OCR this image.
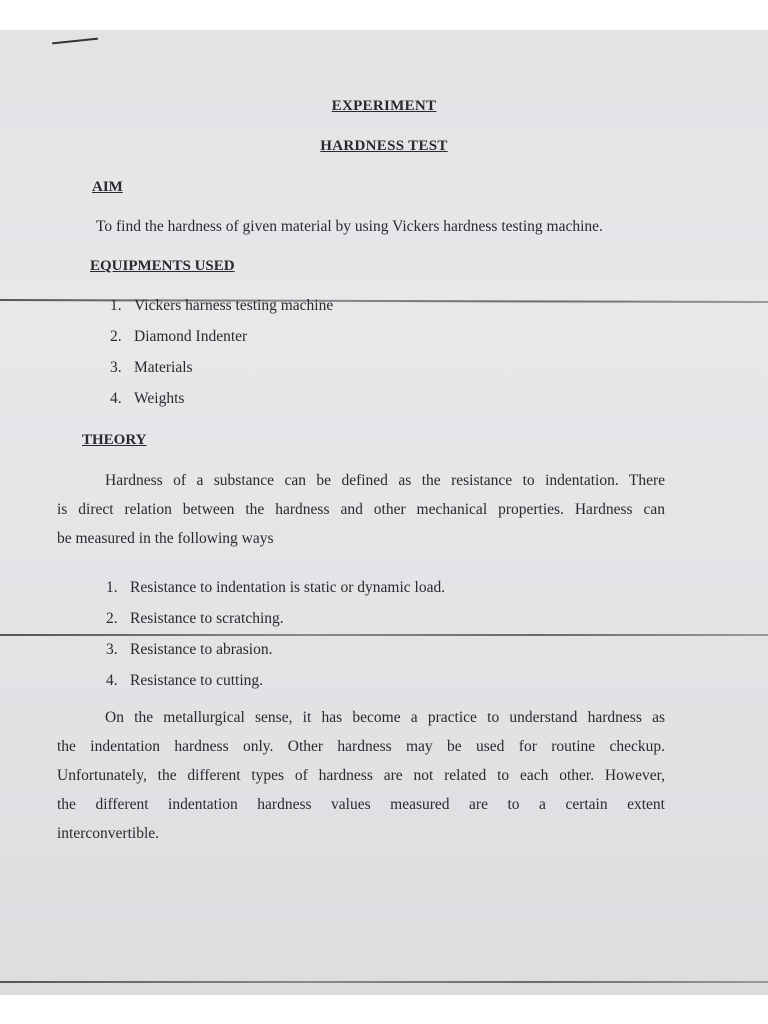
EXPERIMENT

HARDNESS TEST

AIM

To find the hardness of given material by using Vickers hardness testing machine.

EQUIPMENTS USED

1. Vickers harness testing machine
2. Diamond Indenter
3. Materials
4. Weights

THEORY

Hardness of a substance can be defined as the resistance to indentation. There
is direct relation between the hardness and other mechanical properties. Hardness can
be measured in the following ways
1. Resistance to indentation is static or dynamic load.
2. Resistance to scratching.
3. Resistance to abrasion.
4. Resistance to cutting.
On the metallurgical sense, it has become a practice to understand hardness as
the indentation hardness only. Other hardness may be used for routine checkup.
Unfortunately, the different types of hardness are not related to each other. However,
the different indentation hardness values measured are to a certain extent
interconvertible.
